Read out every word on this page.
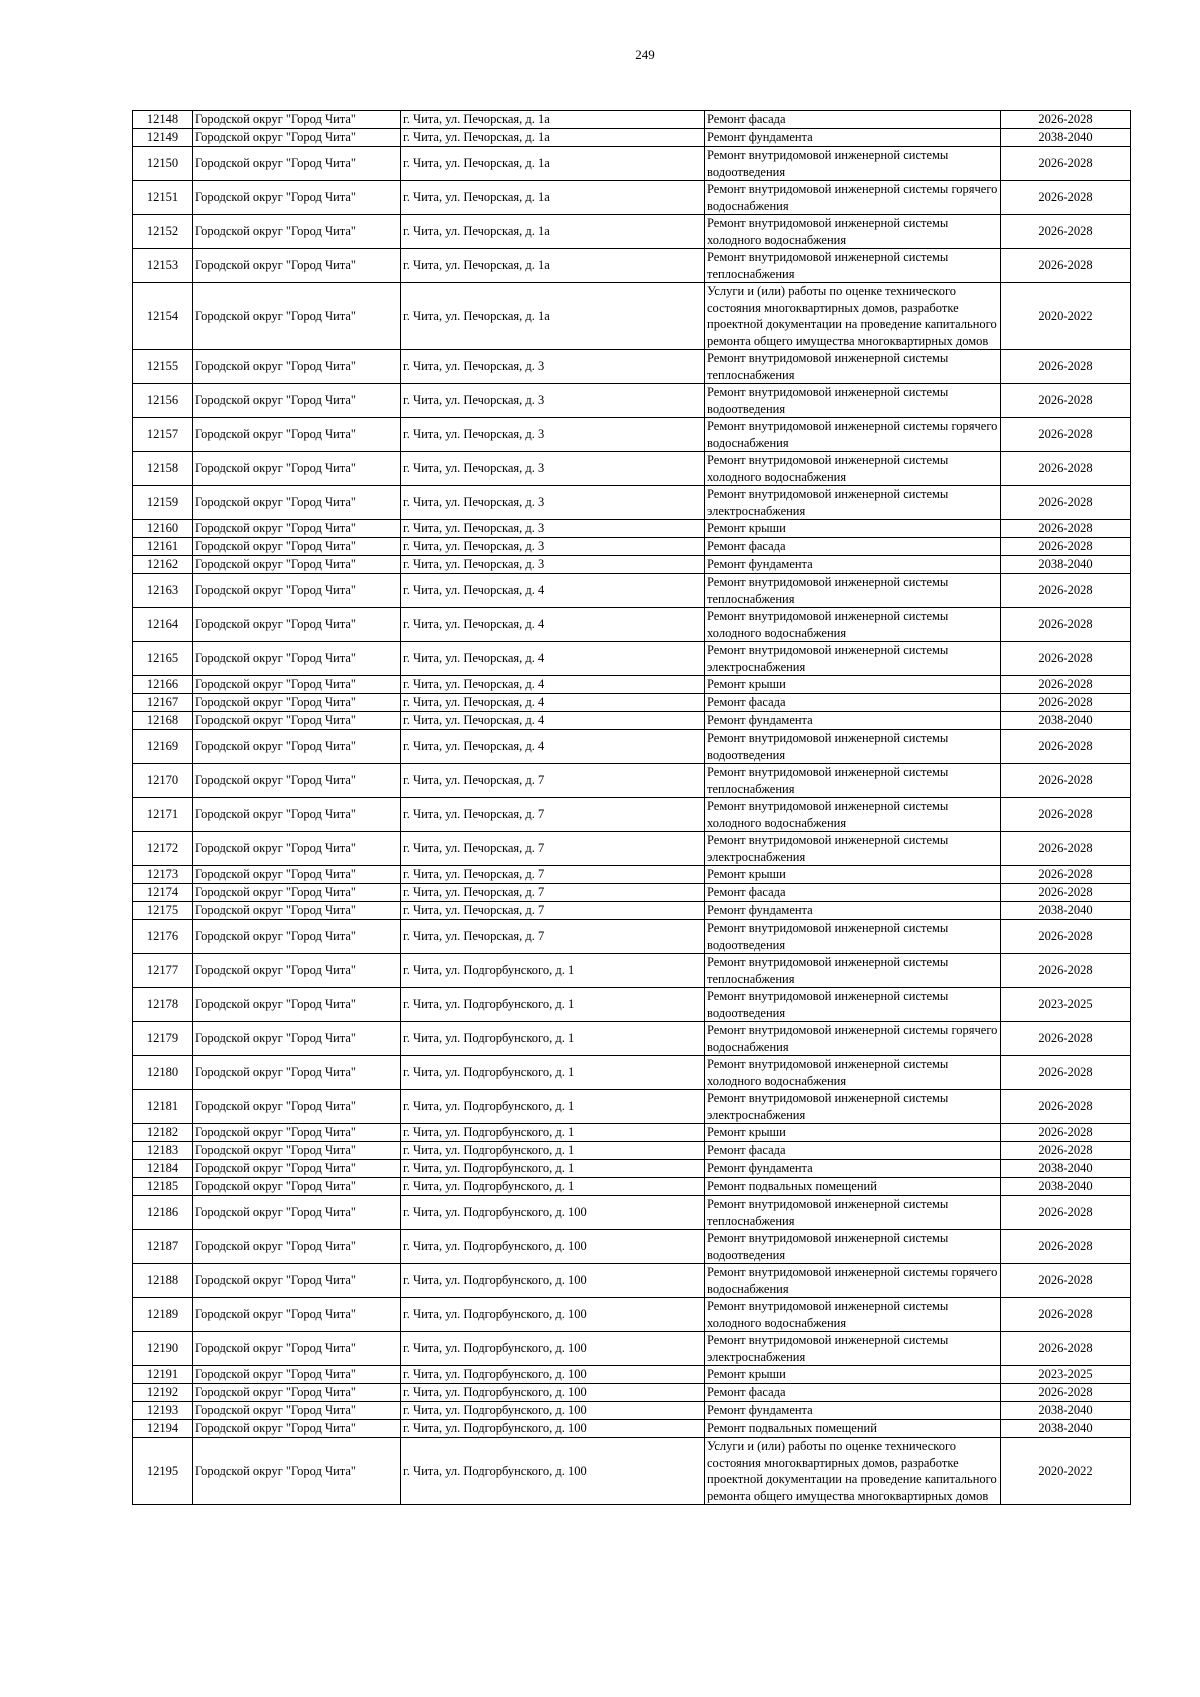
249
12148	Городской округ "Город Чита"	г. Чита, ул. Печорская, д. 1а	Ремонт фасада	2026-2028
12149	Городской округ "Город Чита"	г. Чита, ул. Печорская, д. 1а	Ремонт фундамента	2038-2040
12150	Городской округ "Город Чита"	г. Чита, ул. Печорская, д. 1а	Ремонт внутридомовой инженерной системы водоотведения	2026-2028
12151	Городской округ "Город Чита"	г. Чита, ул. Печорская, д. 1а	Ремонт внутридомовой инженерной системы горячего водоснабжения	2026-2028
12152	Городской округ "Город Чита"	г. Чита, ул. Печорская, д. 1а	Ремонт внутридомовой инженерной системы холодного водоснабжения	2026-2028
12153	Городской округ "Город Чита"	г. Чита, ул. Печорская, д. 1а	Ремонт внутридомовой инженерной системы теплоснабжения	2026-2028
12154	Городской округ "Город Чита"	г. Чита, ул. Печорская, д. 1а	Услуги и (или) работы по оценке технического состояния многоквартирных домов, разработке проектной документации на проведение капитального ремонта общего имущества многоквартирных домов	2020-2022
12155	Городской округ "Город Чита"	г. Чита, ул. Печорская, д. 3	Ремонт внутридомовой инженерной системы теплоснабжения	2026-2028
12156	Городской округ "Город Чита"	г. Чита, ул. Печорская, д. 3	Ремонт внутридомовой инженерной системы водоотведения	2026-2028
12157	Городской округ "Город Чита"	г. Чита, ул. Печорская, д. 3	Ремонт внутридомовой инженерной системы горячего водоснабжения	2026-2028
12158	Городской округ "Город Чита"	г. Чита, ул. Печорская, д. 3	Ремонт внутридомовой инженерной системы холодного водоснабжения	2026-2028
12159	Городской округ "Город Чита"	г. Чита, ул. Печорская, д. 3	Ремонт внутридомовой инженерной системы электроснабжения	2026-2028
12160	Городской округ "Город Чита"	г. Чита, ул. Печорская, д. 3	Ремонт крыши	2026-2028
12161	Городской округ "Город Чита"	г. Чита, ул. Печорская, д. 3	Ремонт фасада	2026-2028
12162	Городской округ "Город Чита"	г. Чита, ул. Печорская, д. 3	Ремонт фундамента	2038-2040
12163	Городской округ "Город Чита"	г. Чита, ул. Печорская, д. 4	Ремонт внутридомовой инженерной системы теплоснабжения	2026-2028
12164	Городской округ "Город Чита"	г. Чита, ул. Печорская, д. 4	Ремонт внутридомовой инженерной системы холодного водоснабжения	2026-2028
12165	Городской округ "Город Чита"	г. Чита, ул. Печорская, д. 4	Ремонт внутридомовой инженерной системы электроснабжения	2026-2028
12166	Городской округ "Город Чита"	г. Чита, ул. Печорская, д. 4	Ремонт крыши	2026-2028
12167	Городской округ "Город Чита"	г. Чита, ул. Печорская, д. 4	Ремонт фасада	2026-2028
12168	Городской округ "Город Чита"	г. Чита, ул. Печорская, д. 4	Ремонт фундамента	2038-2040
12169	Городской округ "Город Чита"	г. Чита, ул. Печорская, д. 4	Ремонт внутридомовой инженерной системы водоотведения	2026-2028
12170	Городской округ "Город Чита"	г. Чита, ул. Печорская, д. 7	Ремонт внутридомовой инженерной системы теплоснабжения	2026-2028
12171	Городской округ "Город Чита"	г. Чита, ул. Печорская, д. 7	Ремонт внутридомовой инженерной системы холодного водоснабжения	2026-2028
12172	Городской округ "Город Чита"	г. Чита, ул. Печорская, д. 7	Ремонт внутридомовой инженерной системы электроснабжения	2026-2028
12173	Городской округ "Город Чита"	г. Чита, ул. Печорская, д. 7	Ремонт крыши	2026-2028
12174	Городской округ "Город Чита"	г. Чита, ул. Печорская, д. 7	Ремонт фасада	2026-2028
12175	Городской округ "Город Чита"	г. Чита, ул. Печорская, д. 7	Ремонт фундамента	2038-2040
12176	Городской округ "Город Чита"	г. Чита, ул. Печорская, д. 7	Ремонт внутридомовой инженерной системы водоотведения	2026-2028
12177	Городской округ "Город Чита"	г. Чита, ул. Подгорбунского, д. 1	Ремонт внутридомовой инженерной системы теплоснабжения	2026-2028
12178	Городской округ "Город Чита"	г. Чита, ул. Подгорбунского, д. 1	Ремонт внутридомовой инженерной системы водоотведения	2023-2025
12179	Городской округ "Город Чита"	г. Чита, ул. Подгорбунского, д. 1	Ремонт внутридомовой инженерной системы горячего водоснабжения	2026-2028
12180	Городской округ "Город Чита"	г. Чита, ул. Подгорбунского, д. 1	Ремонт внутридомовой инженерной системы холодного водоснабжения	2026-2028
12181	Городской округ "Город Чита"	г. Чита, ул. Подгорбунского, д. 1	Ремонт внутридомовой инженерной системы электроснабжения	2026-2028
12182	Городской округ "Город Чита"	г. Чита, ул. Подгорбунского, д. 1	Ремонт крыши	2026-2028
12183	Городской округ "Город Чита"	г. Чита, ул. Подгорбунского, д. 1	Ремонт фасада	2026-2028
12184	Городской округ "Город Чита"	г. Чита, ул. Подгорбунского, д. 1	Ремонт фундамента	2038-2040
12185	Городской округ "Город Чита"	г. Чита, ул. Подгорбунского, д. 1	Ремонт подвальных помещений	2038-2040
12186	Городской округ "Город Чита"	г. Чита, ул. Подгорбунского, д. 100	Ремонт внутридомовой инженерной системы теплоснабжения	2026-2028
12187	Городской округ "Город Чита"	г. Чита, ул. Подгорбунского, д. 100	Ремонт внутридомовой инженерной системы водоотведения	2026-2028
12188	Городской округ "Город Чита"	г. Чита, ул. Подгорбунского, д. 100	Ремонт внутридомовой инженерной системы горячего водоснабжения	2026-2028
12189	Городской округ "Город Чита"	г. Чита, ул. Подгорбунского, д. 100	Ремонт внутридомовой инженерной системы холодного водоснабжения	2026-2028
12190	Городской округ "Город Чита"	г. Чита, ул. Подгорбунского, д. 100	Ремонт внутридомовой инженерной системы электроснабжения	2026-2028
12191	Городской округ "Город Чита"	г. Чита, ул. Подгорбунского, д. 100	Ремонт крыши	2023-2025
12192	Городской округ "Город Чита"	г. Чита, ул. Подгорбунского, д. 100	Ремонт фасада	2026-2028
12193	Городской округ "Город Чита"	г. Чита, ул. Подгорбунского, д. 100	Ремонт фундамента	2038-2040
12194	Городской округ "Город Чита"	г. Чита, ул. Подгорбунского, д. 100	Ремонт подвальных помещений	2038-2040
12195	Городской округ "Город Чита"	г. Чита, ул. Подгорбунского, д. 100	Услуги и (или) работы по оценке технического состояния многоквартирных домов, разработке проектной документации на проведение капитального ремонта общего имущества многоквартирных домов	2020-2022
